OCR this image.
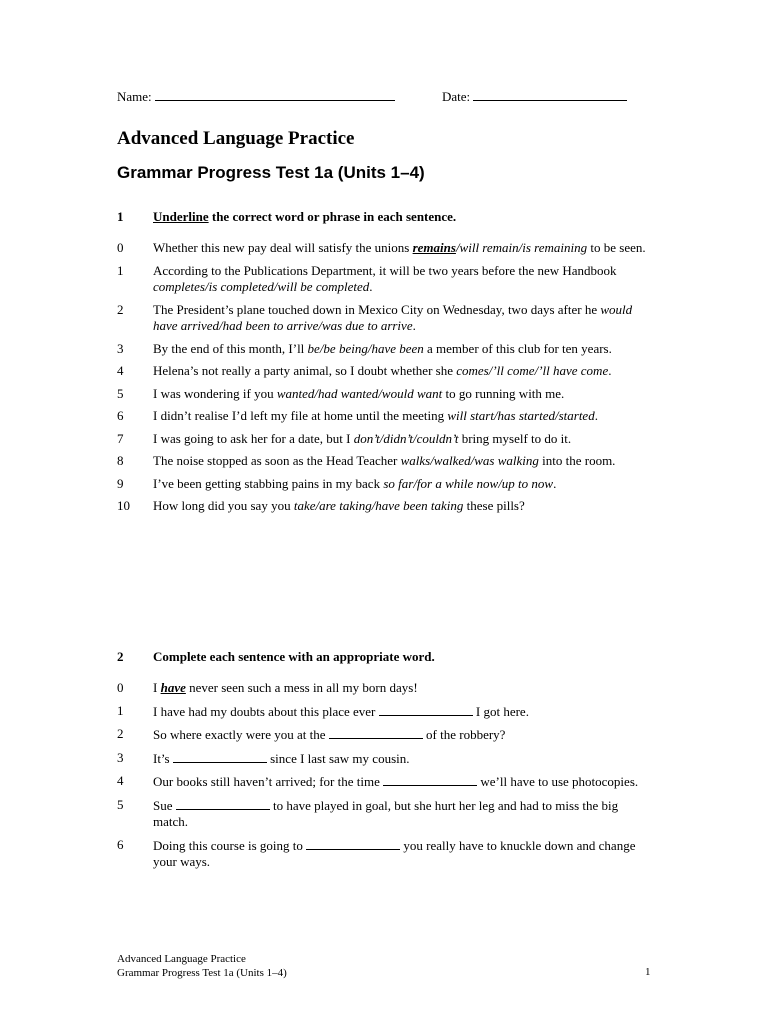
Name:	Date:
Advanced Language Practice
Grammar Progress Test 1a (Units 1–4)
1 Underline the correct word or phrase in each sentence.
0	Whether this new pay deal will satisfy the unions remains/will remain/is remaining to be seen.
1	According to the Publications Department, it will be two years before the new Handbook completes/is completed/will be completed.
2	The President’s plane touched down in Mexico City on Wednesday, two days after he would have arrived/had been to arrive/was due to arrive.
3	By the end of this month, I’ll be/be being/have been a member of this club for ten years.
4	Helena’s not really a party animal, so I doubt whether she comes/’ll come/’ll have come.
5	I was wondering if you wanted/had wanted/would want to go running with me.
6	I didn’t realise I’d left my file at home until the meeting will start/has started/started.
7	I was going to ask her for a date, but I don’t/didn’t/couldn’t bring myself to do it.
8	The noise stopped as soon as the Head Teacher walks/walked/was walking into the room.
9	I’ve been getting stabbing pains in my back so far/for a while now/up to now.
10	How long did you say you take/are taking/have been taking these pills?
2 Complete each sentence with an appropriate word.
0	I have never seen such a mess in all my born days!
1	I have had my doubts about this place ever	I got here.
2	So where exactly were you at the	of the robbery?
3	It’s	since I last saw my cousin.
4	Our books still haven’t arrived; for the time	we’ll have to use photocopies.
5	Sue	to have played in goal, but she hurt her leg and had to miss the big match.
6	Doing this course is going to	you really have to knuckle down and change your ways.
Advanced Language Practice
Grammar Progress Test 1a (Units 1–4)	1
